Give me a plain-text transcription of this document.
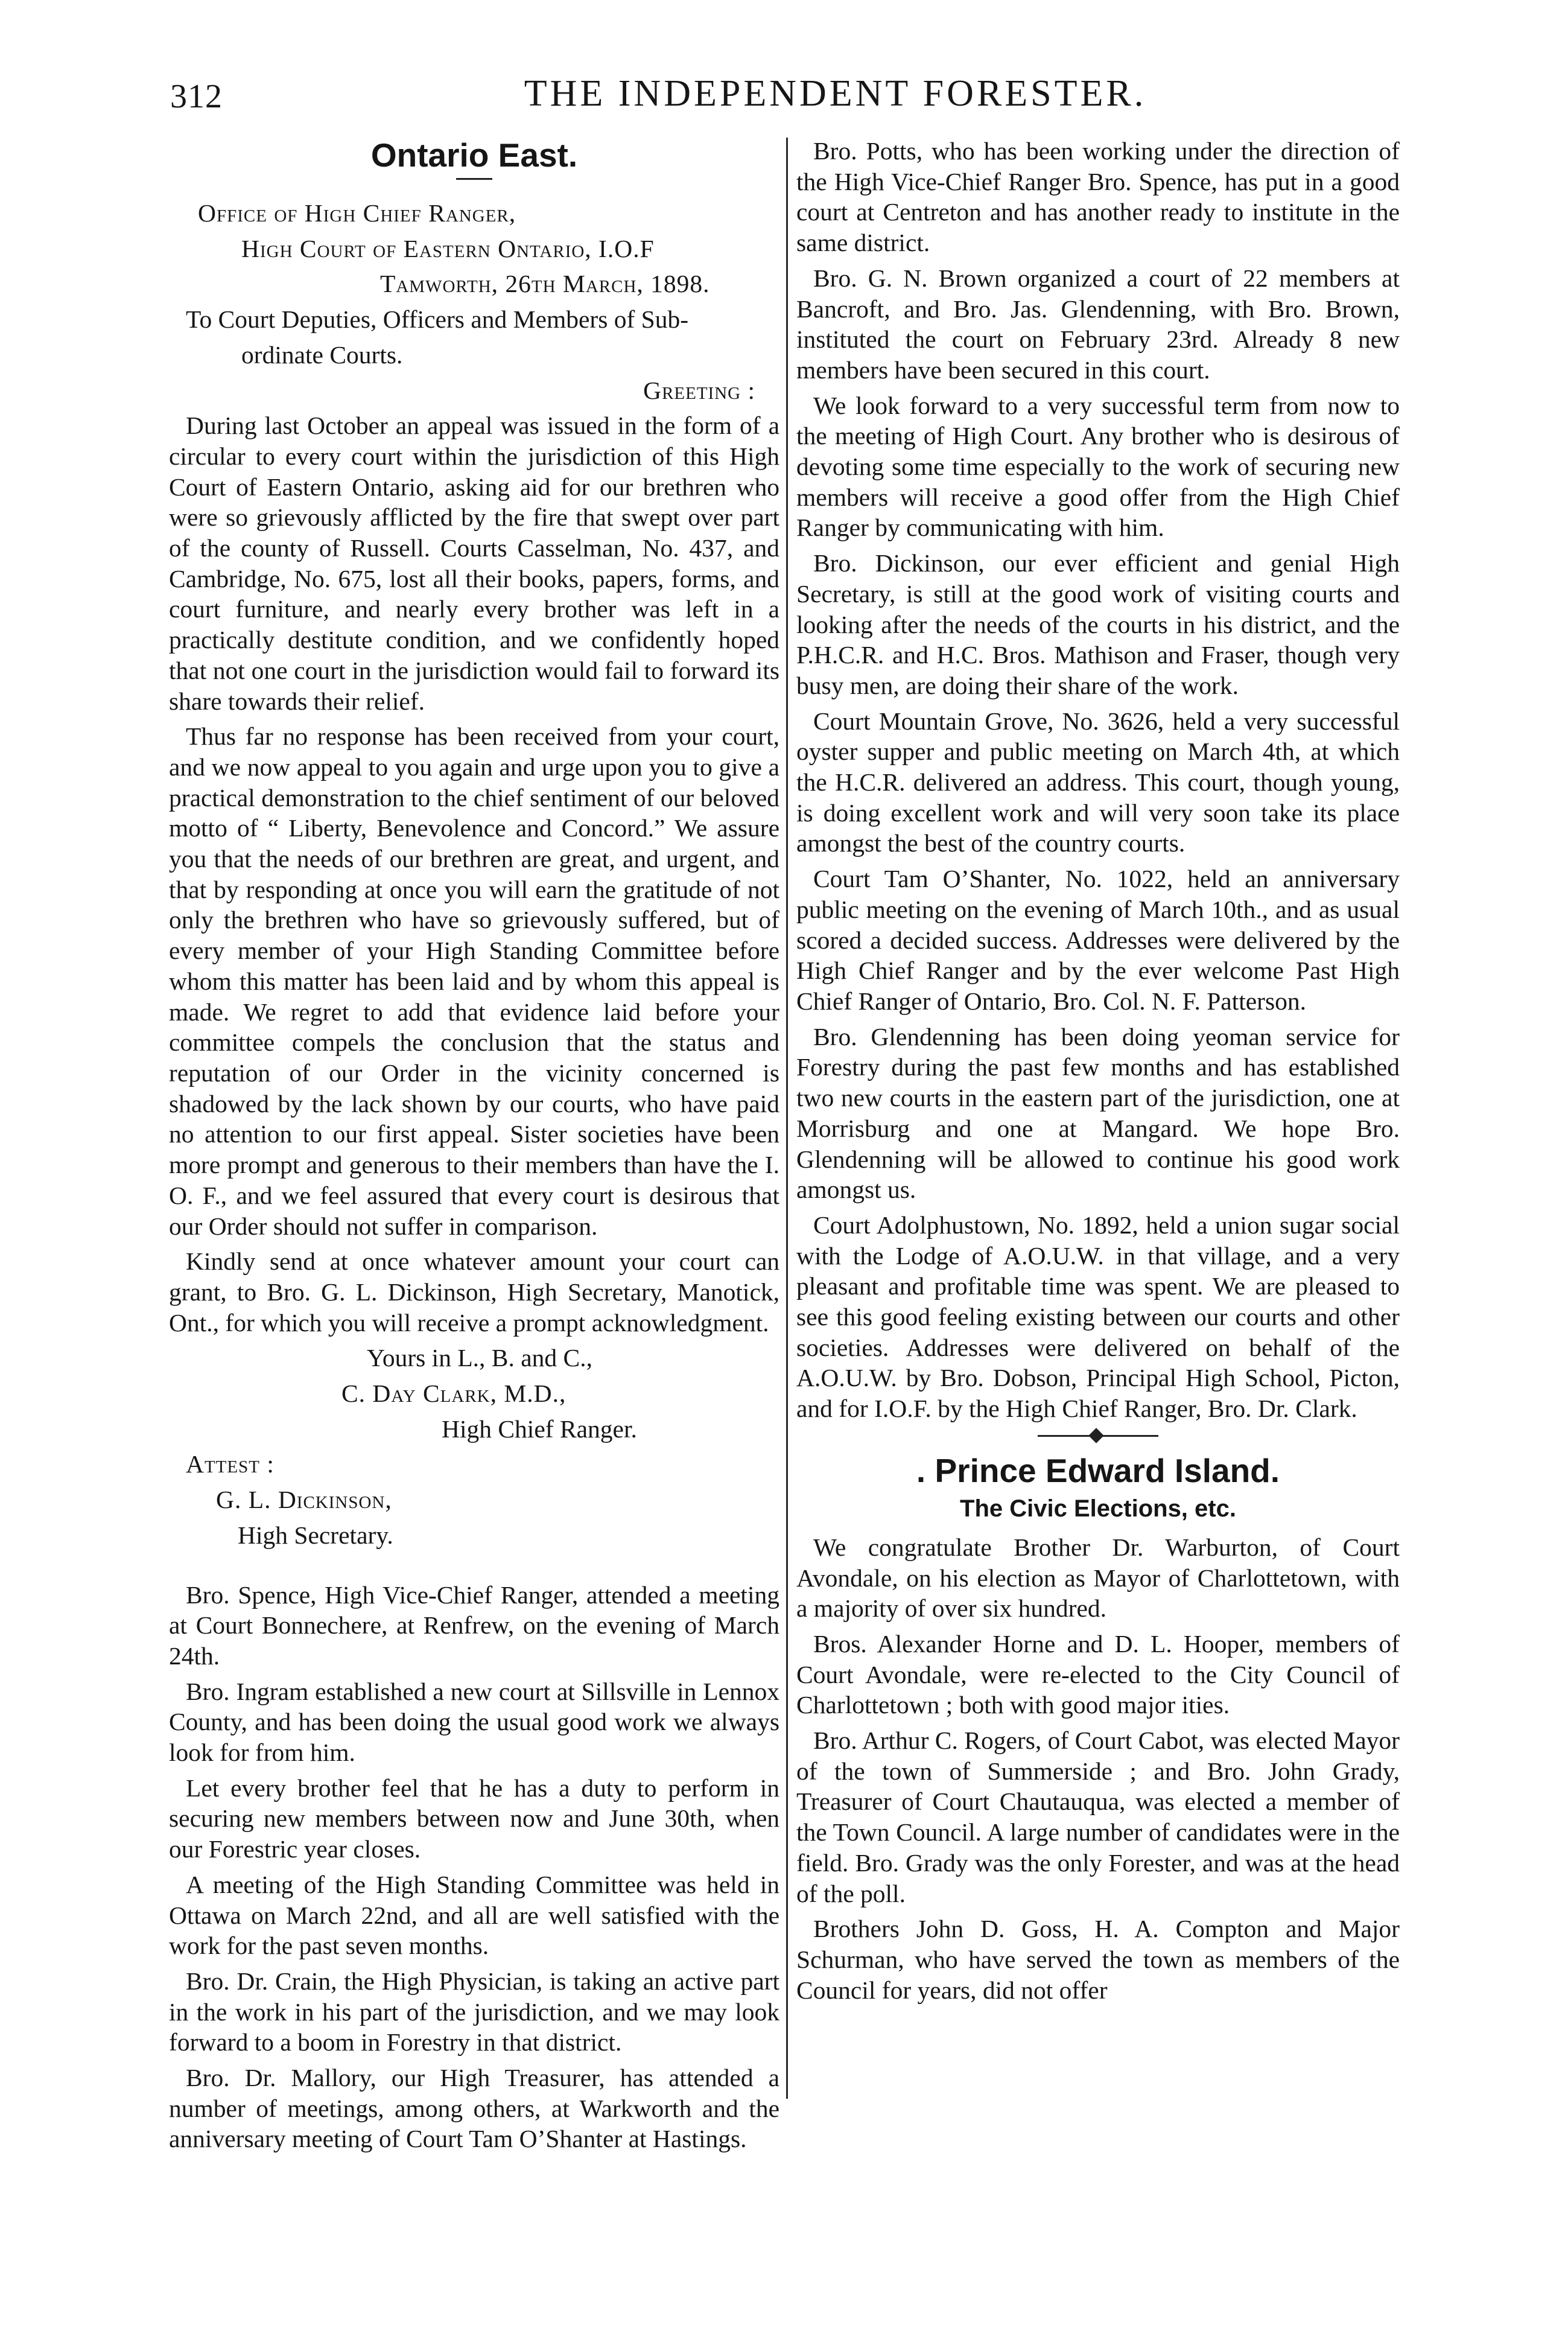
312	THE INDEPENDENT FORESTER.
Ontario East.

Office of High Chief Ranger,

High Court of Eastern Ontario, I.O.F

Tamworth, 26th March, 1898.

To Court Deputies, Officers and Members of Sub-

ordinate Courts.

Greeting :

During last October an appeal was issued in the form of a circular to every court within the jurisdiction of this High Court of Eastern Ontario, asking aid for our brethren who were so grievously afflicted by the fire that swept over part of the county of Russell. Courts Casselman, No. 437, and Cambridge, No. 675, lost all their books, papers, forms, and court furniture, and nearly every brother was left in a practically destitute condition, and we confidently hoped that not one court in the jurisdiction would fail to forward its share towards their relief.

Thus far no response has been received from your court, and we now appeal to you again and urge upon you to give a practical demonstration to the chief sentiment of our beloved motto of “ Liberty, Benevolence and Concord.” We assure you that the needs of our brethren are great, and urgent, and that by responding at once you will earn the gratitude of not only the brethren who have so grievously suffered, but of every member of your High Standing Committee before whom this matter has been laid and by whom this appeal is made. We regret to add that evidence laid before your committee compels the conclusion that the status and reputation of our Order in the vicinity concerned is shadowed by the lack shown by our courts, who have paid no attention to our first appeal. Sister societies have been more prompt and generous to their members than have the I. O. F., and we feel assured that every court is desirous that our Order should not suffer in comparison.

Kindly send at once whatever amount your court can grant, to Bro. G. L. Dickinson, High Secretary, Manotick, Ont., for which you will receive a prompt acknowledgment.

Yours in L., B. and C.,

C. Day Clark, M.D.,

High Chief Ranger.

Attest :

G. L. Dickinson,

High Secretary.

Bro. Spence, High Vice-Chief Ranger, attended a meeting at Court Bonnechere, at Renfrew, on the evening of March 24th.

Bro. Ingram established a new court at Sillsville in Lennox County, and has been doing the usual good work we always look for from him.

Let every brother feel that he has a duty to perform in securing new members between now and June 30th, when our Forestric year closes.

A meeting of the High Standing Committee was held in Ottawa on March 22nd, and all are well satisfied with the work for the past seven months.

Bro. Dr. Crain, the High Physician, is taking an active part in the work in his part of the jurisdiction, and we may look forward to a boom in Forestry in that district.

Bro. Dr. Mallory, our High Treasurer, has attended a number of meetings, among others, at Warkworth and the anniversary meeting of Court Tam O’Shanter at Hastings.

Bro. Potts, who has been working under the direction of the High Vice-Chief Ranger Bro. Spence, has put in a good court at Centreton and has another ready to institute in the same district.

Bro. G. N. Brown organized a court of 22 members at Bancroft, and Bro. Jas. Glendenning, with Bro. Brown, instituted the court on February 23rd. Already 8 new members have been secured in this court.

We look forward to a very successful term from now to the meeting of High Court. Any brother who is desirous of devoting some time especially to the work of securing new members will receive a good offer from the High Chief Ranger by communicating with him.

Bro. Dickinson, our ever efficient and genial High Secretary, is still at the good work of visiting courts and looking after the needs of the courts in his district, and the P.H.C.R. and H.C. Bros. Mathison and Fraser, though very busy men, are doing their share of the work.

Court Mountain Grove, No. 3626, held a very successful oyster supper and public meeting on March 4th, at which the H.C.R. delivered an address. This court, though young, is doing excellent work and will very soon take its place amongst the best of the country courts.

Court Tam O’Shanter, No. 1022, held an anniversary public meeting on the evening of March 10th., and as usual scored a decided success. Addresses were delivered by the High Chief Ranger and by the ever welcome Past High Chief Ranger of Ontario, Bro. Col. N. F. Patterson.

Bro. Glendenning has been doing yeoman service for Forestry during the past few months and has established two new courts in the eastern part of the jurisdiction, one at Morrisburg and one at Mangard. We hope Bro. Glendenning will be allowed to continue his good work amongst us.

Court Adolphustown, No. 1892, held a union sugar social with the Lodge of A.O.U.W. in that village, and a very pleasant and profitable time was spent. We are pleased to see this good feeling existing between our courts and other societies. Addresses were delivered on behalf of the A.O.U.W. by Bro. Dobson, Principal High School, Picton, and for I.O.F. by the High Chief Ranger, Bro. Dr. Clark.

. Prince Edward Island.
The Civic Elections, etc.

We congratulate Brother Dr. Warburton, of Court Avondale, on his election as Mayor of Charlottetown, with a majority of over six hundred.

Bros. Alexander Horne and D. L. Hooper, members of Court Avondale, were re-elected to the City Council of Charlottetown ; both with good major ities.

Bro. Arthur C. Rogers, of Court Cabot, was elected Mayor of the town of Summerside ; and Bro. John Grady, Treasurer of Court Chautauqua, was elected a member of the Town Council. A large number of candidates were in the field. Bro. Grady was the only Forester, and was at the head of the poll.

Brothers John D. Goss, H. A. Compton and Major Schurman, who have served the town as members of the Council for years, did not offer
